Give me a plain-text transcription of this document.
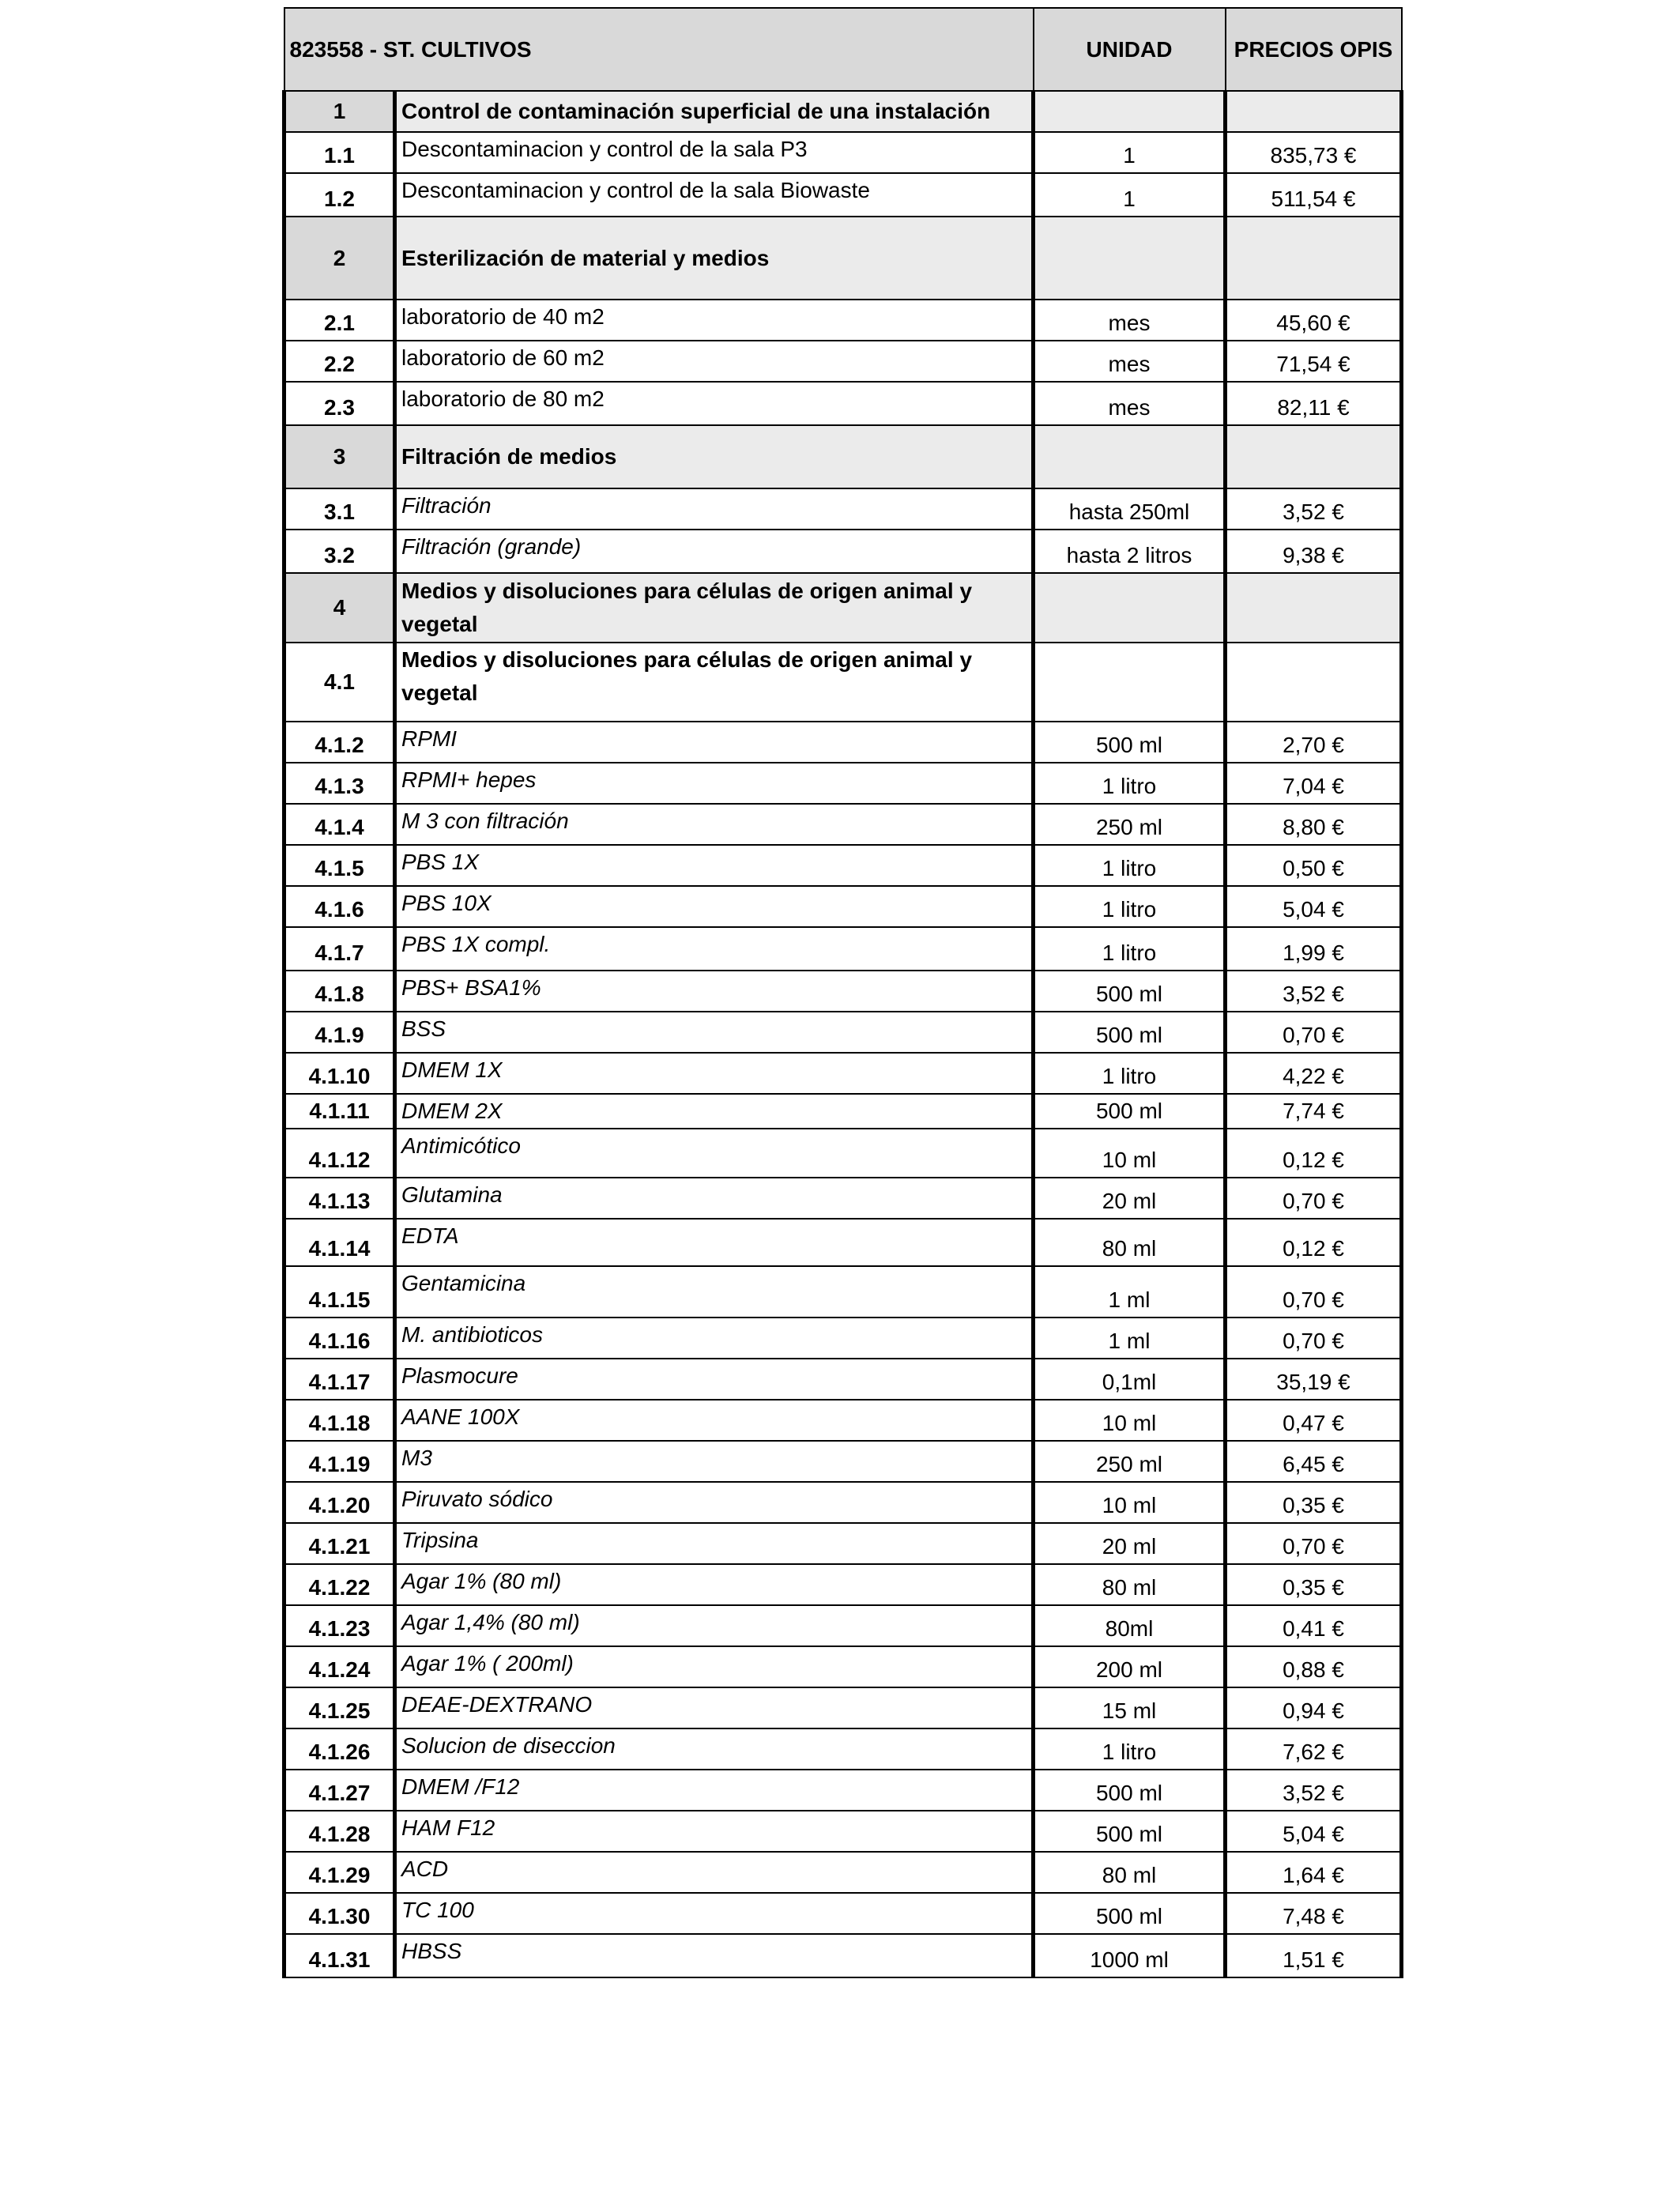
823558 - ST. CULTIVOS		UNIDAD	PRECIOS OPIS
1	Control de contaminación superficial de una instalación		
1.1	Descontaminacion y control de la sala P3	1	835,73 €
1.2	Descontaminacion y control de la sala Biowaste	1	511,54 €
2	Esterilización de material y medios		
2.1	laboratorio de 40 m2	mes	45,60 €
2.2	laboratorio de 60 m2	mes	71,54 €
2.3	laboratorio de 80 m2	mes	82,11 €
3	Filtración de medios		
3.1	Filtración	hasta 250ml	3,52 €
3.2	Filtración (grande)	hasta 2 litros	9,38 €
4	Medios y disoluciones para células de origen animal y vegetal		
4.1	Medios y disoluciones para células de origen animal y vegetal		
4.1.2	RPMI	500 ml	2,70 €
4.1.3	RPMI+ hepes	1 litro	7,04 €
4.1.4	M 3 con filtración	250 ml	8,80 €
4.1.5	PBS 1X	1 litro	0,50 €
4.1.6	PBS 10X	1 litro	5,04 €
4.1.7	PBS 1X compl.	1 litro	1,99 €
4.1.8	PBS+ BSA1%	500 ml	3,52 €
4.1.9	BSS	500 ml	0,70 €
4.1.10	DMEM 1X	1 litro	4,22 €
4.1.11	DMEM 2X	500 ml	7,74 €
4.1.12	Antimicótico	10 ml	0,12 €
4.1.13	Glutamina	20 ml	0,70 €
4.1.14	EDTA	80 ml	0,12 €
4.1.15	Gentamicina	1 ml	0,70 €
4.1.16	M. antibioticos	1 ml	0,70 €
4.1.17	Plasmocure	0,1ml	35,19 €
4.1.18	AANE 100X	10 ml	0,47 €
4.1.19	M3	250 ml	6,45 €
4.1.20	Piruvato sódico	10 ml	0,35 €
4.1.21	Tripsina	20 ml	0,70 €
4.1.22	Agar 1% (80 ml)	80 ml	0,35 €
4.1.23	Agar 1,4% (80 ml)	80ml	0,41 €
4.1.24	Agar 1% ( 200ml)	200 ml	0,88 €
4.1.25	DEAE-DEXTRANO	15 ml	0,94 €
4.1.26	Solucion de diseccion	1 litro	7,62 €
4.1.27	DMEM /F12	500 ml	3,52 €
4.1.28	HAM F12	500 ml	5,04 €
4.1.29	ACD	80 ml	1,64 €
4.1.30	TC 100	500 ml	7,48 €
4.1.31	HBSS	1000 ml	1,51 €
